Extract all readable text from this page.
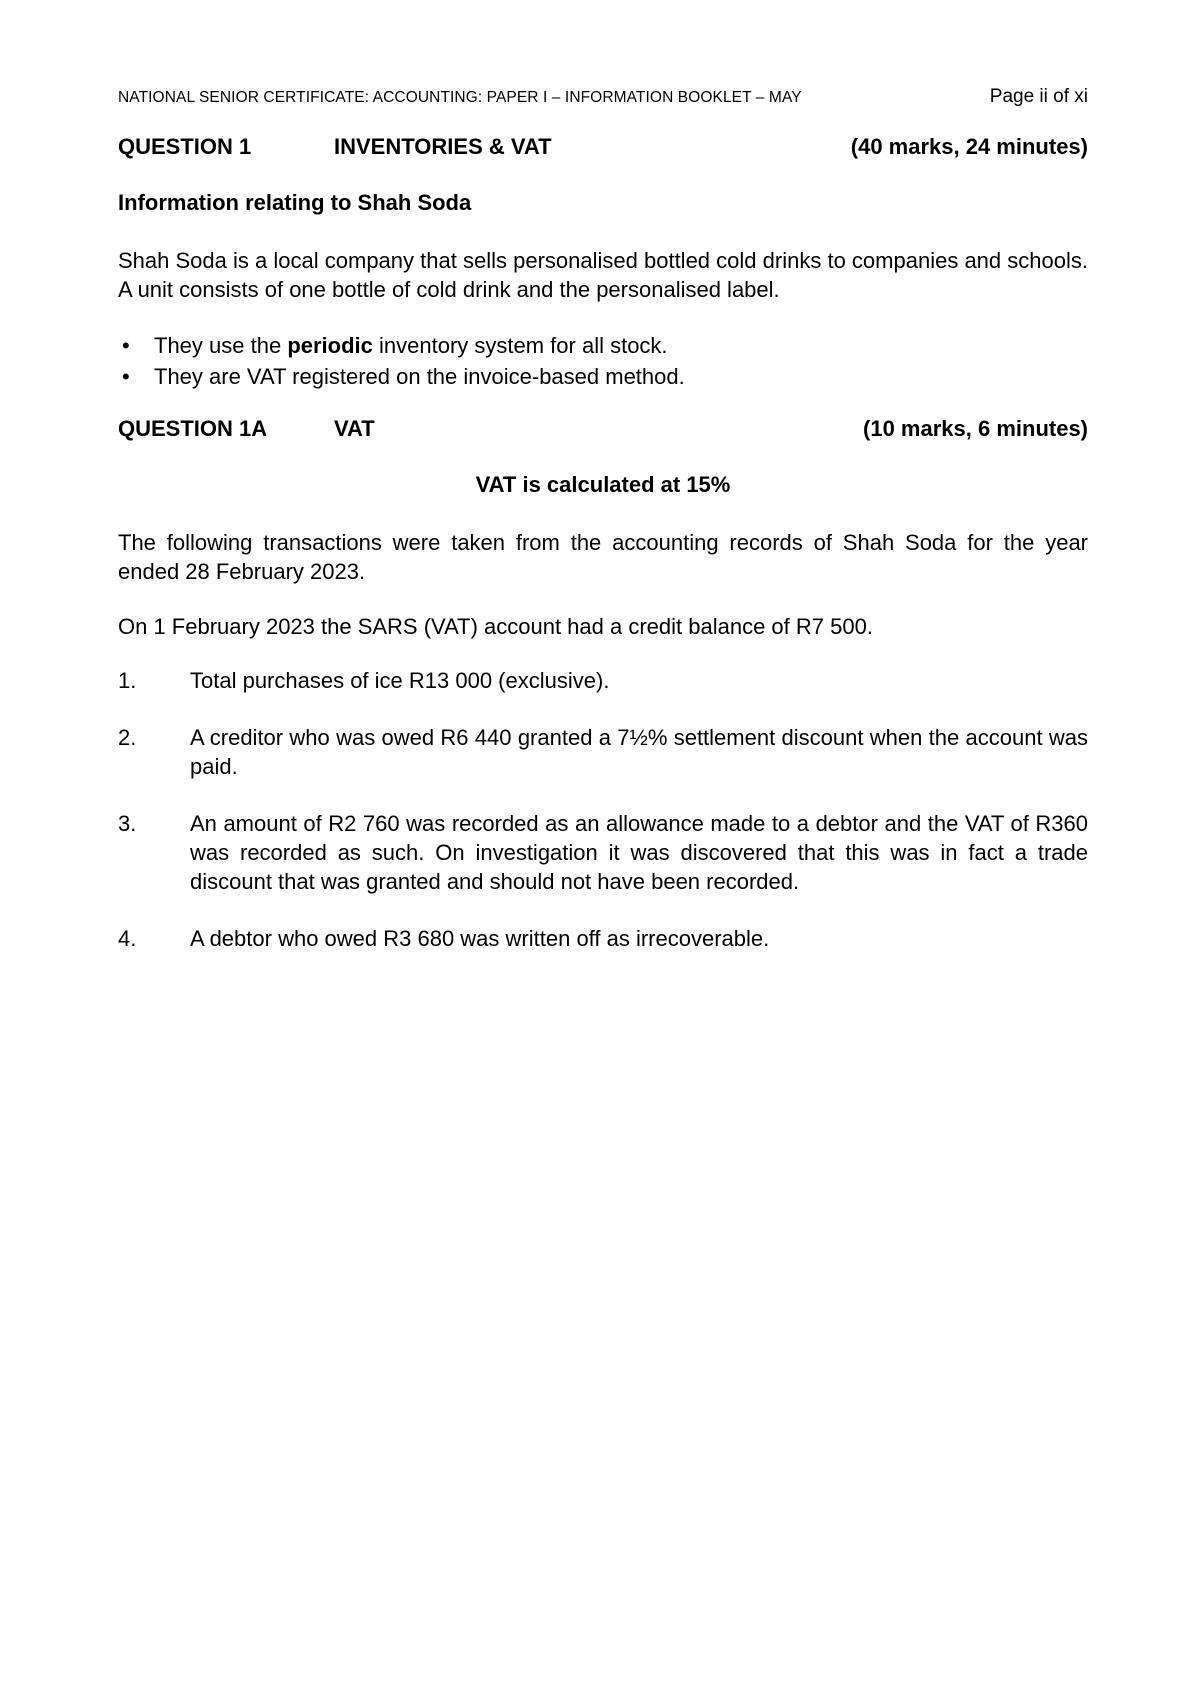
NATIONAL SENIOR CERTIFICATE: ACCOUNTING: PAPER I – INFORMATION BOOKLET – MAY	Page ii of xi
QUESTION 1	INVENTORIES & VAT	(40 marks, 24 minutes)
Information relating to Shah Soda
Shah Soda is a local company that sells personalised bottled cold drinks to companies and schools. A unit consists of one bottle of cold drink and the personalised label.
• They use the periodic inventory system for all stock.
• They are VAT registered on the invoice-based method.
QUESTION 1A	VAT	(10 marks, 6 minutes)
VAT is calculated at 15%
The following transactions were taken from the accounting records of Shah Soda for the year ended 28 February 2023.
On 1 February 2023 the SARS (VAT) account had a credit balance of R7 500.
1.	Total purchases of ice R13 000 (exclusive).
2.	A creditor who was owed R6 440 granted a 7½% settlement discount when the account was paid.
3.	An amount of R2 760 was recorded as an allowance made to a debtor and the VAT of R360 was recorded as such. On investigation it was discovered that this was in fact a trade discount that was granted and should not have been recorded.
4.	A debtor who owed R3 680 was written off as irrecoverable.
